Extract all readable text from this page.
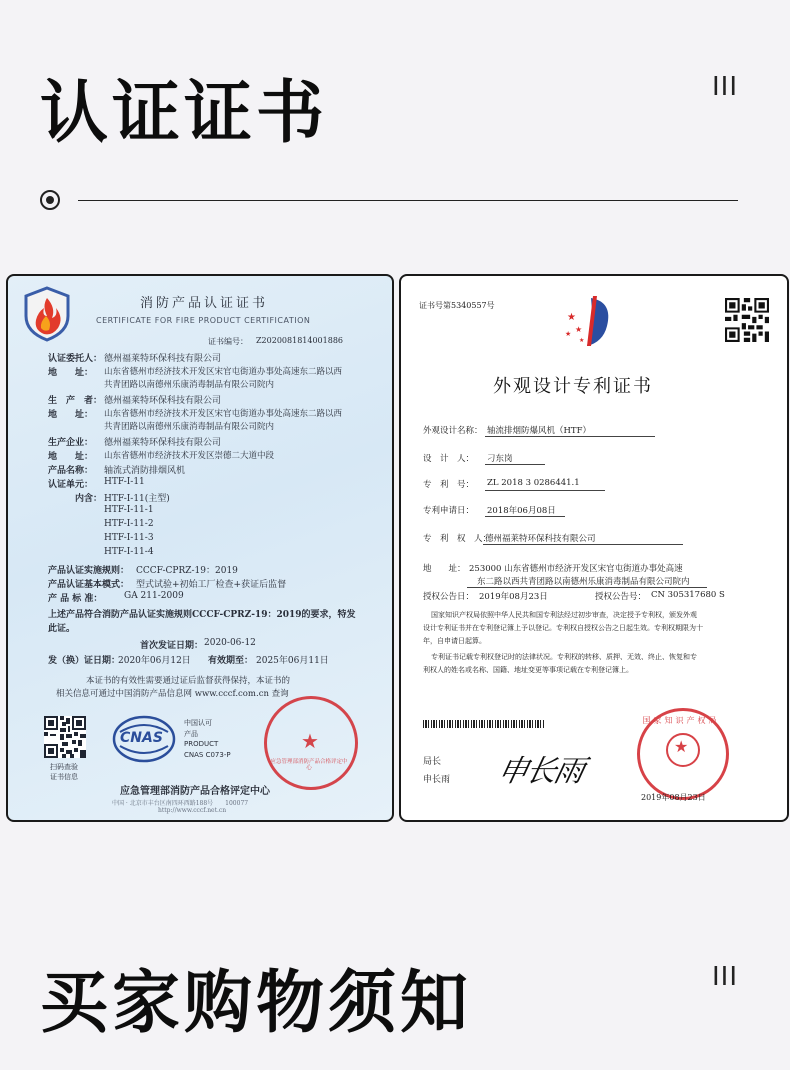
认证证书	III
消防产品认证证书
CERTIFICATE FOR FIRE PRODUCT CERTIFICATION
证书编号： Z2020081814001886
认证委托人： 德州福莱特环保科技有限公司
地　　址： 山东省德州市经济技术开发区宋官屯街道办事处高速东二路以西
共青团路以南德州乐康消毒制品有限公司院内
生　产　者： 德州福莱特环保科技有限公司
地　　址： 山东省德州市经济技术开发区宋官屯街道办事处高速东二路以西
共青团路以南德州乐康消毒制品有限公司院内
生产企业： 德州福莱特环保科技有限公司
地　　址： 山东省德州市经济技术开发区崇德二大道中段
产品名称： 轴流式消防排烟风机
认证单元： HTF-I-11
　　　内含： HTF-I-11(主型)
HTF-I-11-1
HTF-I-11-2
HTF-I-11-3
HTF-I-11-4
产品认证实施规则： CCCF-CPRZ-19：2019
产品认证基本模式： 型式试验+初始工厂检查+获证后监督
产 品 标 准： GA 211-2009
上述产品符合消防产品认证实施规则CCCF-CPRZ-19：2019的要求，特发
此证。
首次发证日期： 2020-06-12
发（换）证日期：
2020年06月12日 有效期至： 2025年06月11日
本证书的有效性需要通过证后监督获得保持，本证书的
相关信息可通过中国消防产品信息网 www.cccf.com.cn 查询
扫码查验
证书信息
CNAS
中国认可
产品
PRODUCT
CNAS C073-P
★
应急管理部消防产品合格评定中心
应急管理部消防产品合格评定中心
中国 · 北京市丰台区南四环西路188号　　100077
http://www.cccf.net.cn
证书号第5340557号
★
★
★
★
外观设计专利证书
外观设计名称： 轴流排烟防爆风机（HTF）
设　计　人： 刁东岗
专　利　号： ZL 2018 3 0286441.1
专利申请日： 2018年06月08日
专　利　权　人：
德州福莱特环保科技有限公司
地　　址： 253000 山东省德州市经济开发区宋官屯街道办事处高速
东二路以西共青团路以南德州乐康消毒制品有限公司院内
授权公告日： 2019年08月23日	授权公告号： CN 305317680 S
国家知识产权局依照中华人民共和国专利法经过初步审查，决定授予专利权，颁发外观
设计专利证书并在专利登记簿上予以登记。专利权自授权公告之日起生效。专利权期限为十
年，自申请日起算。
专利证书记载专利权登记时的法律状况。专利权的转移、质押、无效、终止、恢复和专
利权人的姓名或名称、国籍、地址变更等事项记载在专利登记簿上。
局长
申长雨 申长雨
★
国家知识产权局
2019年08月23日
买家购物须知	III
